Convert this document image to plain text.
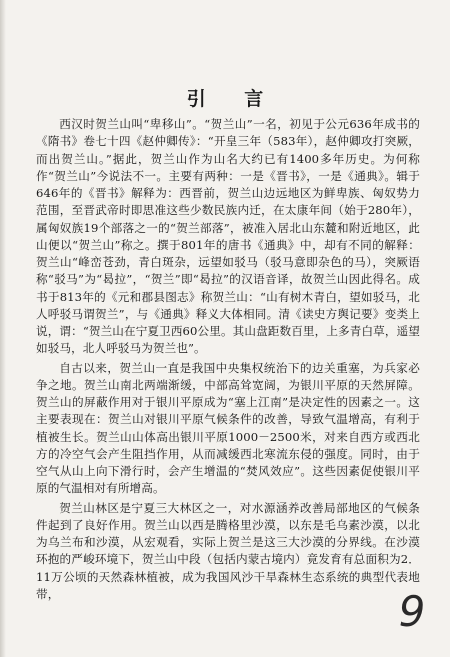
引 言

西汉时贺兰山叫“卑移山”。“贺兰山”一名，初见于公元636年成书的《隋书》卷七十四《赵仲卿传》：“开皇三年（583年），赵仲卿攻打突厥，而出贺兰山。”据此，贺兰山作为山名大约已有1400多年历史。为何称作“贺兰山”今说法不一。主要有两种：一是《晋书》，一是《通典》。辑于646年的《晋书》解释为：西晋前，贺兰山边远地区为鲜卑族、匈奴势力范围，至晋武帝时即思准这些少数民族内迁，在太康年间（始于280年），属匈奴族19个部落之一的“贺兰部落”，被准入居北山东麓和附近地区，此山便以“贺兰山”称之。撰于801年的唐书《通典》中，却有不同的解释：贺兰山“峰峦苍劲，青白斑杂，远望如驳马（驳马意即杂色的马），突厥语称“驳马”为“曷拉”，“贺兰”即“曷拉”的汉语音译，故贺兰山因此得名。成书于813年的《元和郡县图志》称贺兰山：“山有树木青白，望如驳马，北人呼驳马谓贺兰”，与《通典》释义大体相同。清《读史方舆记要》变类上说，谓：“贺兰山在宁夏卫西60公里。其山盘距数百里，上多青白草，遥望如驳马，北人呼驳马为贺兰也”。

自古以来，贺兰山一直是我国中央集权统治下的边关重塞，为兵家必争之地。贺兰山南北两端渐缓，中部高耸宽阔，为银川平原的天然屏障。贺兰山的屏蔽作用对于银川平原成为“塞上江南”是决定性的因素之一。这主要表现在：贺兰山对银川平原气候条件的改善，导致气温增高，有利于植被生长。贺兰山山体高出银川平原1000－2500米，对来自西方或西北方的冷空气会产生阻挡作用，从而减缓西北寒流东侵的强度。同时，由于空气从山上向下滑行时，会产生增温的“焚风效应”。这些因素促使银川平原的气温相对有所增高。

贺兰山林区是宁夏三大林区之一，对水源涵养改善局部地区的气候条件起到了良好作用。贺兰山以西是腾格里沙漠，以东是毛乌素沙漠，以北为乌兰布和沙漠，从宏观看，实际上贺兰是这三大沙漠的分界线。在沙漠环抱的严峻环境下，贺兰山中段（包括内蒙古境内）竟发育有总面积为2．11万公顷的天然森林植被，成为我国风沙干旱森林生态系统的典型代表地带，	9
